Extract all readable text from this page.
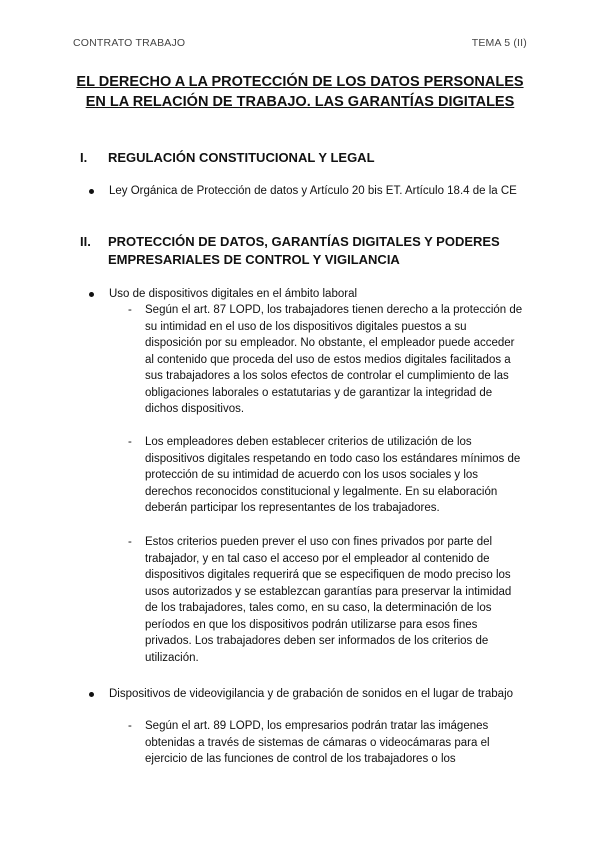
CONTRATO TRABAJO	TEMA 5 (II)
EL DERECHO A LA PROTECCIÓN DE LOS DATOS PERSONALES EN LA RELACIÓN DE TRABAJO. LAS GARANTÍAS DIGITALES
I. REGULACIÓN CONSTITUCIONAL Y LEGAL
Ley Orgánica de Protección de datos y Artículo 20 bis ET. Artículo 18.4 de la CE
II. PROTECCIÓN DE DATOS, GARANTÍAS DIGITALES Y PODERES EMPRESARIALES DE CONTROL Y VIGILANCIA
Uso de dispositivos digitales en el ámbito laboral
- Según el art. 87 LOPD, los trabajadores tienen derecho a la protección de su intimidad en el uso de los dispositivos digitales puestos a su disposición por su empleador. No obstante, el empleador puede acceder al contenido que proceda del uso de estos medios digitales facilitados a sus trabajadores a los solos efectos de controlar el cumplimiento de las obligaciones laborales o estatutarias y de garantizar la integridad de dichos dispositivos.
- Los empleadores deben establecer criterios de utilización de los dispositivos digitales respetando en todo caso los estándares mínimos de protección de su intimidad de acuerdo con los usos sociales y los derechos reconocidos constitucional y legalmente. En su elaboración deberán participar los representantes de los trabajadores.
- Estos criterios pueden prever el uso con fines privados por parte del trabajador, y en tal caso el acceso por el empleador al contenido de dispositivos digitales requerirá que se especifiquen de modo preciso los usos autorizados y se establezcan garantías para preservar la intimidad de los trabajadores, tales como, en su caso, la determinación de los períodos en que los dispositivos podrán utilizarse para esos fines privados. Los trabajadores deben ser informados de los criterios de utilización.
Dispositivos de videovigilancia y de grabación de sonidos en el lugar de trabajo
- Según el art. 89 LOPD, los empresarios podrán tratar las imágenes obtenidas a través de sistemas de cámaras o videocámaras para el ejercicio de las funciones de control de los trabajadores o los
